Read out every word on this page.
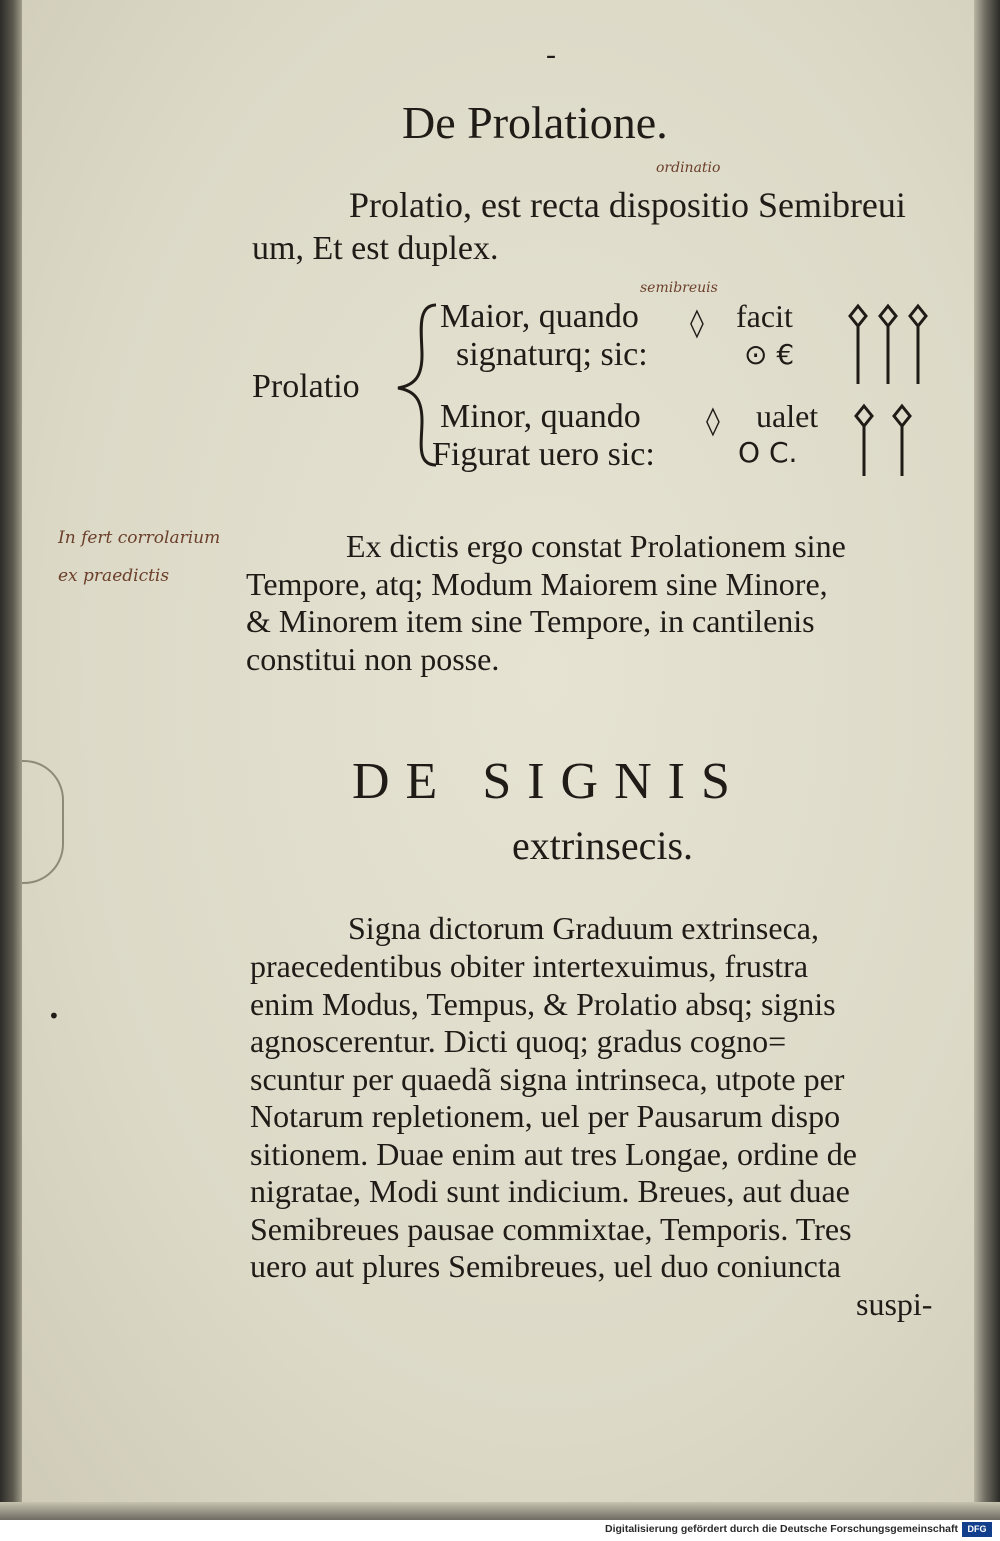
-
De Prolatione.
ordinatio
Prolatio, est recta dispositio Semibreui
um, Et est duplex.
semibreuis
Prolatio
Maior, quando ◊ facit
signaturq; sic:	⊙ €
Minor, quando ◊ ualet
Figurat uero sic:	O C.
In fert corrolarium
ex praedictis
Ex dictis ergo constat Prolationem sine
Tempore, atq; Modum Maiorem sine Minore,
& Minorem item sine Tempore, in cantilenis
constitui non posse.
DE SIGNIS
extrinsecis.
•
Signa dictorum Graduum extrinseca,
praecedentibus obiter intertexuimus, frustra
enim Modus, Tempus, & Prolatio absq; signis
agnoscerentur. Dicti quoq; gradus cogno=
scuntur per quaedã signa intrinseca, utpote per
Notarum repletionem, uel per Pausarum dispo
sitionem. Duae enim aut tres Longae, ordine de
nigratae, Modi sunt indicium. Breues, aut duae
Semibreues pausae commixtae, Temporis. Tres
uero aut plures Semibreues, uel duo coniuncta
suspi-
Digitalisierung gefördert durch die Deutsche Forschungsgemeinschaft	DFG
